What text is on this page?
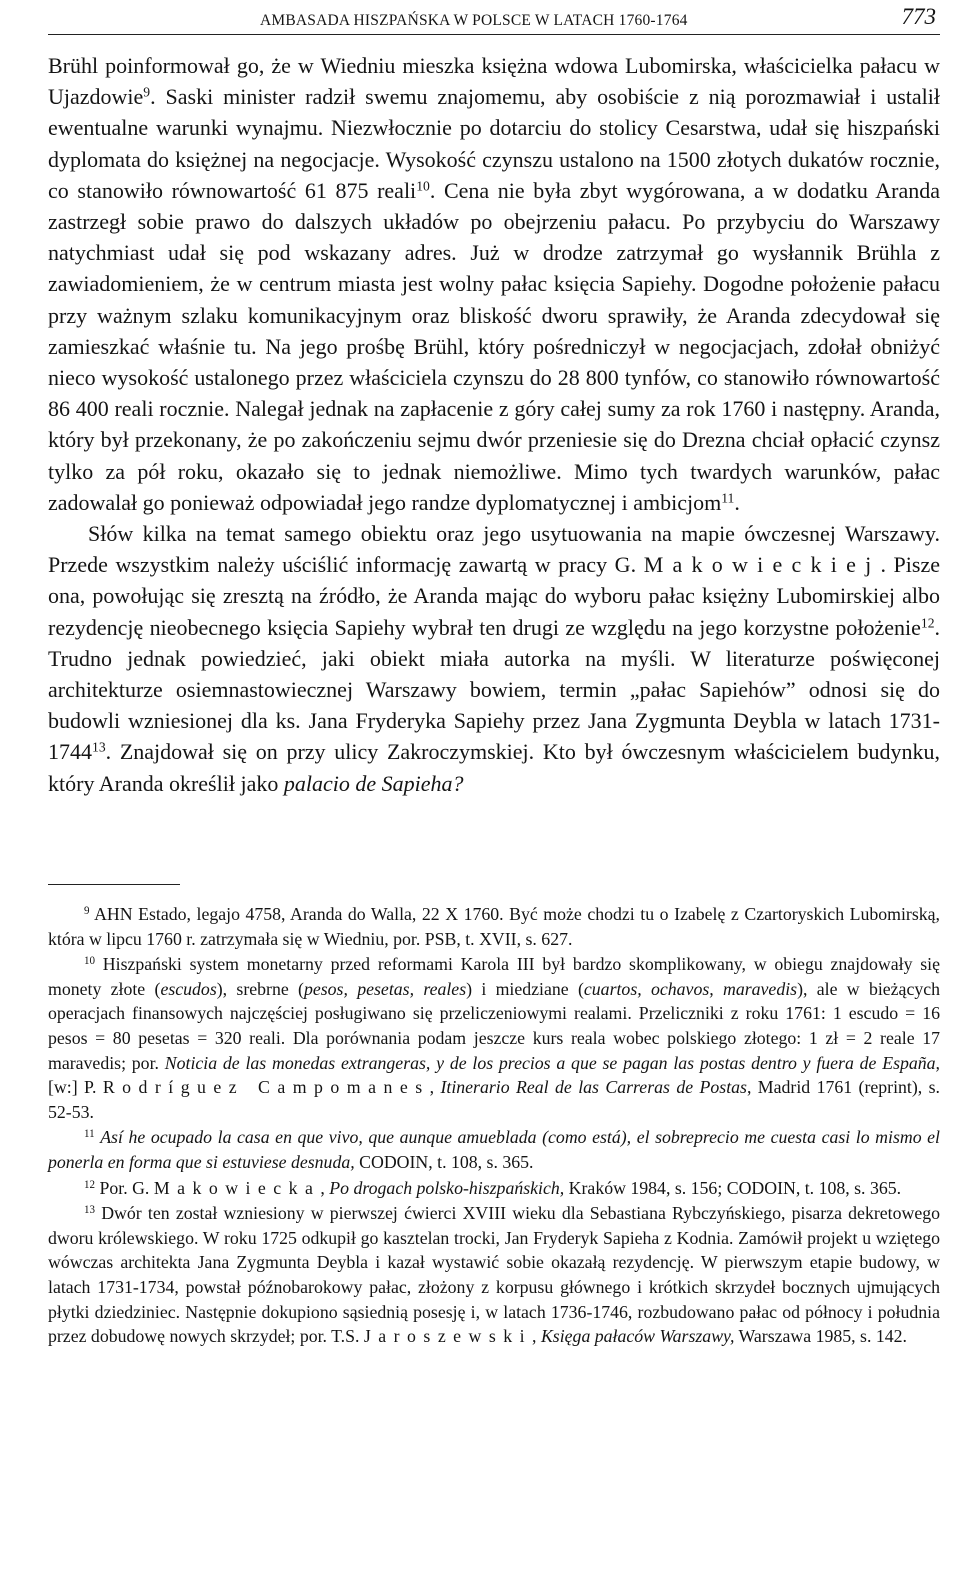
AMBASADA HISZPAŃSKA W POLSCE W LATACH 1760-1764	773

Brühl poinformował go, że w Wiedniu mieszka księżna wdowa Lubomirska, właścicielka pałacu w Ujazdowie$^9$. Saski minister radził swemu znajomemu, aby osobiście z nią porozmawiał i ustalił ewentualne warunki wynajmu. Niezwłocznie po dotarciu do stolicy Cesarstwa, udał się hiszpański dyplomata do księżnej na negocjacje. Wysokość czynszu ustalono na 1500 złotych dukatów rocznie, co stanowiło równowartość 61 875 reali$^{10}$. Cena nie była zbyt wygórowana, a w dodatku Aranda zastrzegł sobie prawo do dalszych układów po obejrzeniu pałacu. Po przybyciu do Warszawy natychmiast udał się pod wskazany adres. Już w drodze zatrzymał go wysłannik Brühla z zawiadomieniem, że w centrum miasta jest wolny pałac księcia Sapiehy. Dogodne położenie pałacu przy ważnym szlaku komunikacyjnym oraz bliskość dworu sprawiły, że Aranda zdecydował się zamieszkać właśnie tu. Na jego prośbę Brühl, który pośredniczył w negocjacjach, zdołał obniżyć nieco wysokość ustalonego przez właściciela czynszu do 28 800 tynfów, co stanowiło równowartość 86 400 reali rocznie. Nalegał jednak na zapłacenie z góry całej sumy za rok 1760 i następny. Aranda, który był przekonany, że po zakończeniu sejmu dwór przeniesie się do Drezna chciał opłacić czynsz tylko za pół roku, okazało się to jednak niemożliwe. Mimo tych twardych warunków, pałac zadowalał go ponieważ odpowiadał jego randze dyplomatycznej i ambicjom$^{11}$.

Słów kilka na temat samego obiektu oraz jego usytuowania na mapie ówczesnej Warszawy. Przede wszystkim należy uściślić informację zawartą w pracy G. Makowieckiej. Pisze ona, powołując się zresztą na źródło, że Aranda mając do wyboru pałac księżny Lubomirskiej albo rezydencję nieobecnego księcia Sapiehy wybrał ten drugi ze względu na jego korzystne położenie$^{12}$. Trudno jednak powiedzieć, jaki obiekt miała autorka na myśli. W literaturze poświęconej architekturze osiemnastowiecznej Warszawy bowiem, termin „pałac Sapiehów” odnosi się do budowli wzniesionej dla ks. Jana Fryderyka Sapiehy przez Jana Zygmunta Deybla w latach 1731-1744$^{13}$. Znajdował się on przy ulicy Zakroczymskiej. Kto był ówczesnym właścicielem budynku, który Aranda określił jako palacio de Sapieha?

$^9$ AHN Estado, legajo 4758, Aranda do Walla, 22 X 1760. Być może chodzi tu o Izabelę z Czartoryskich Lubomirską, która w lipcu 1760 r. zatrzymała się w Wiedniu, por. PSB, t. XVII, s. 627.

$^{10}$ Hiszpański system monetarny przed reformami Karola III był bardzo skomplikowany, w obiegu znajdowały się monety złote (escudos), srebrne (pesos, pesetas, reales) i miedziane (cuartos, ochavos, maravedis), ale w bieżących operacjach finansowych najczęściej posługiwano się przeliczeniowymi realami. Przeliczniki z roku 1761: 1 escudo = 16 pesos = 80 pesetas = 320 reali. Dla porównania podam jeszcze kurs reala wobec polskiego złotego: 1 zł = 2 reale 17 maravedis; por. Noticia de las monedas extrangeras, y de los precios a que se pagan las postas dentro y fuera de España, [w:] P. Rodríguez Campomanes, Itinerario Real de las Carreras de Postas, Madrid 1761 (reprint), s. 52-53.

$^{11}$ Así he ocupado la casa en que vivo, que aunque amueblada (como está), el sobreprecio me cuesta casi lo mismo el ponerla en forma que si estuviese desnuda, CODOIN, t. 108, s. 365.

$^{12}$ Por. G. Makowiecka, Po drogach polsko-hiszpańskich, Kraków 1984, s. 156; CODOIN, t. 108, s. 365.

$^{13}$ Dwór ten został wzniesiony w pierwszej ćwierci XVIII wieku dla Sebastiana Rybczyńskiego, pisarza dekretowego dworu królewskiego. W roku 1725 odkupił go kasztelan trocki, Jan Fryderyk Sapieha z Kodnia. Zamówił projekt u wziętego wówczas architekta Jana Zygmunta Deybla i kazał wystawić sobie okazałą rezydencję. W pierwszym etapie budowy, w latach 1731-1734, powstał późnobarokowy pałac, złożony z korpusu głównego i krótkich skrzydeł bocznych ujmujących płytki dziedziniec. Następnie dokupiono sąsiednią posesję i, w latach 1736-1746, rozbudowano pałac od północy i południa przez dobudowę nowych skrzydeł; por. T.S. Jaroszewski, Księga pałaców Warszawy, Warszawa 1985, s. 142.
